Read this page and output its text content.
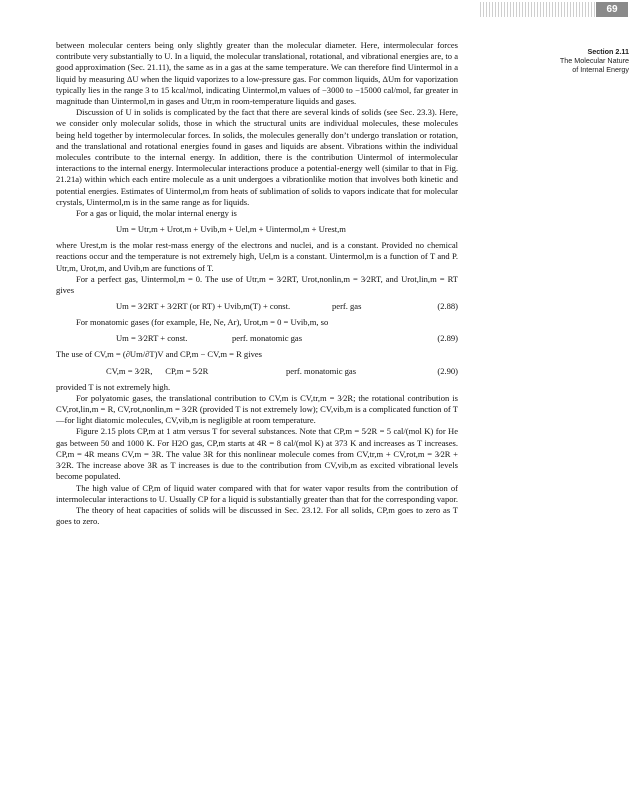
69
Section 2.11
The Molecular Nature
of Internal Energy

between molecular centers being only slightly greater than the molecular diameter. Here, intermolecular forces contribute very substantially to U. In a liquid, the molecular translational, rotational, and vibrational energies are, to a good approximation (Sec. 21.11), the same as in a gas at the same temperature. We can therefore find Uintermol in a liquid by measuring ΔU when the liquid vaporizes to a low-pressure gas. For common liquids, ΔUm for vaporization typically lies in the range 3 to 15 kcal/mol, indicating Uintermol,m values of −3000 to −15000 cal/mol, far greater in magnitude than Uintermol,m in gases and Utr,m in room-temperature liquids and gases.

Discussion of U in solids is complicated by the fact that there are several kinds of solids (see Sec. 23.3). Here, we consider only molecular solids, those in which the structural units are individual molecules, these molecules being held together by intermolecular forces. In solids, the molecules generally don’t undergo translation or rotation, and the translational and rotational energies found in gases and liquids are absent. Vibrations within the individual molecules contribute to the internal energy. In addition, there is the contribution Uintermol of intermolecular interactions to the internal energy. Intermolecular interactions produce a potential-energy well (similar to that in Fig. 21.21a) within which each entire molecule as a unit undergoes a vibrationlike motion that involves both kinetic and potential energies. Estimates of Uintermol,m from heats of sublimation of solids to vapors indicate that for molecular crystals, Uintermol,m is in the same range as for liquids.

For a gas or liquid, the molar internal energy is

Um = Utr,m + Urot,m + Uvib,m + Uel,m + Uintermol,m + Urest,m

where Urest,m is the molar rest-mass energy of the electrons and nuclei, and is a constant. Provided no chemical reactions occur and the temperature is not extremely high, Uel,m is a constant. Uintermol,m is a function of T and P. Utr,m, Urot,m, and Uvib,m are functions of T.

For a perfect gas, Uintermol,m = 0. The use of Utr,m = 3⁄2RT, Urot,nonlin,m = 3⁄2RT, and Urot,lin,m = RT gives

Um = 3⁄2RT + 3⁄2RT (or RT) + Uvib,m(T) + const.	perf. gas	(2.88)

For monatomic gases (for example, He, Ne, Ar), Urot,m = 0 = Uvib,m, so

Um = 3⁄2RT + const.	perf. monatomic gas	(2.89)

The use of CV,m = (∂Um/∂T)V and CP,m − CV,m = R gives

CV,m = 3⁄2R,      CP,m = 5⁄2R	perf. monatomic gas	(2.90)

provided T is not extremely high.

For polyatomic gases, the translational contribution to CV,m is CV,tr,m = 3⁄2R; the rotational contribution is CV,rot,lin,m = R, CV,rot,nonlin,m = 3⁄2R (provided T is not extremely low); CV,vib,m is a complicated function of T—for light diatomic molecules, CV,vib,m is negligible at room temperature.

Figure 2.15 plots CP,m at 1 atm versus T for several substances. Note that CP,m = 5⁄2R = 5 cal/(mol K) for He gas between 50 and 1000 K. For H2O gas, CP,m starts at 4R = 8 cal/(mol K) at 373 K and increases as T increases. CP,m = 4R means CV,m = 3R. The value 3R for this nonlinear molecule comes from CV,tr,m + CV,rot,m = 3⁄2R + 3⁄2R. The increase above 3R as T increases is due to the contribution from CV,vib,m as excited vibrational levels become populated.

The high value of CP,m of liquid water compared with that for water vapor results from the contribution of intermolecular interactions to U. Usually CP for a liquid is substantially greater than that for the corresponding vapor.

The theory of heat capacities of solids will be discussed in Sec. 23.12. For all solids, CP,m goes to zero as T goes to zero.
